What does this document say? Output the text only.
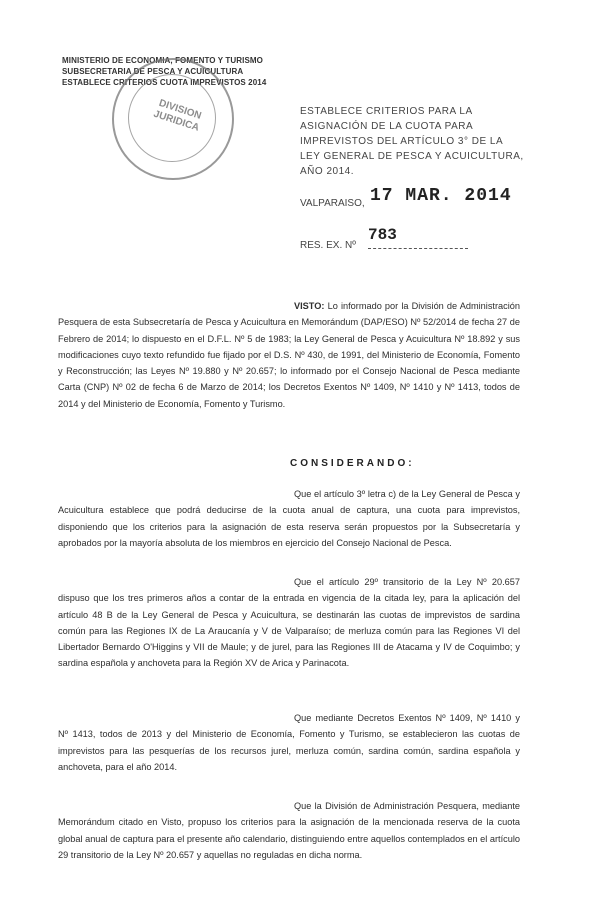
MINISTERIO DE ECONOMIA, FOMENTO Y TURISMO
SUBSECRETARIA DE PESCA Y ACUICULTURA
ESTABLECE CRITERIOS CUOTA IMPREVISTOS 2014
DIVISION JURIDICA	ESTABLECE CRITERIOS PARA LA ASIGNACIÓN DE LA CUOTA PARA IMPREVISTOS DEL ARTÍCULO 3° DE LA LEY GENERAL DE PESCA Y ACUICULTURA, AÑO 2014.
VALPARAISO, 17 MAR. 2014
RES. EX. Nº
783
VISTO: Lo informado por la División de Administración Pesquera de esta Subsecretaría de Pesca y Acuicultura en Memorándum (DAP/ESO) Nº 52/2014 de fecha 27 de Febrero de 2014; lo dispuesto en el D.F.L. Nº 5 de 1983; la Ley General de Pesca y Acuicultura Nº 18.892 y sus modificaciones cuyo texto refundido fue fijado por el D.S. Nº 430, de 1991, del Ministerio de Economía, Fomento y Reconstrucción; las Leyes Nº 19.880 y Nº 20.657; lo informado por el Consejo Nacional de Pesca mediante Carta (CNP) Nº 02 de fecha 6 de Marzo de 2014; los Decretos Exentos Nº 1409, Nº 1410 y Nº 1413, todos de 2014 y del Ministerio de Economía, Fomento y Turismo.
CONSIDERANDO:
Que el artículo 3º letra c) de la Ley General de Pesca y Acuicultura establece que podrá deducirse de la cuota anual de captura, una cuota para imprevistos, disponiendo que los criterios para la asignación de esta reserva serán propuestos por la Subsecretaría y aprobados por la mayoría absoluta de los miembros en ejercicio del Consejo Nacional de Pesca.
Que el artículo 29º transitorio de la Ley Nº 20.657 dispuso que los tres primeros años a contar de la entrada en vigencia de la citada ley, para la aplicación del artículo 48 B de la Ley General de Pesca y Acuicultura, se destinarán las cuotas de imprevistos de sardina común para las Regiones IX de La Araucanía y V de Valparaíso; de merluza común para las Regiones VI del Libertador Bernardo O'Higgins y VII de Maule; y de jurel, para las Regiones III de Atacama y IV de Coquimbo; y sardina española y anchoveta para la Región XV de Arica y Parinacota.
Que mediante Decretos Exentos Nº 1409, Nº 1410 y Nº 1413, todos de 2013 y del Ministerio de Economía, Fomento y Turismo, se establecieron las cuotas de imprevistos para las pesquerías de los recursos jurel, merluza común, sardina común, sardina española y anchoveta, para el año 2014.
Que la División de Administración Pesquera, mediante Memorándum citado en Visto, propuso los criterios para la asignación de la mencionada reserva de la cuota global anual de captura para el presente año calendario, distinguiendo entre aquellos contemplados en el artículo 29 transitorio de la Ley Nº 20.657 y aquellas no reguladas en dicha norma.
